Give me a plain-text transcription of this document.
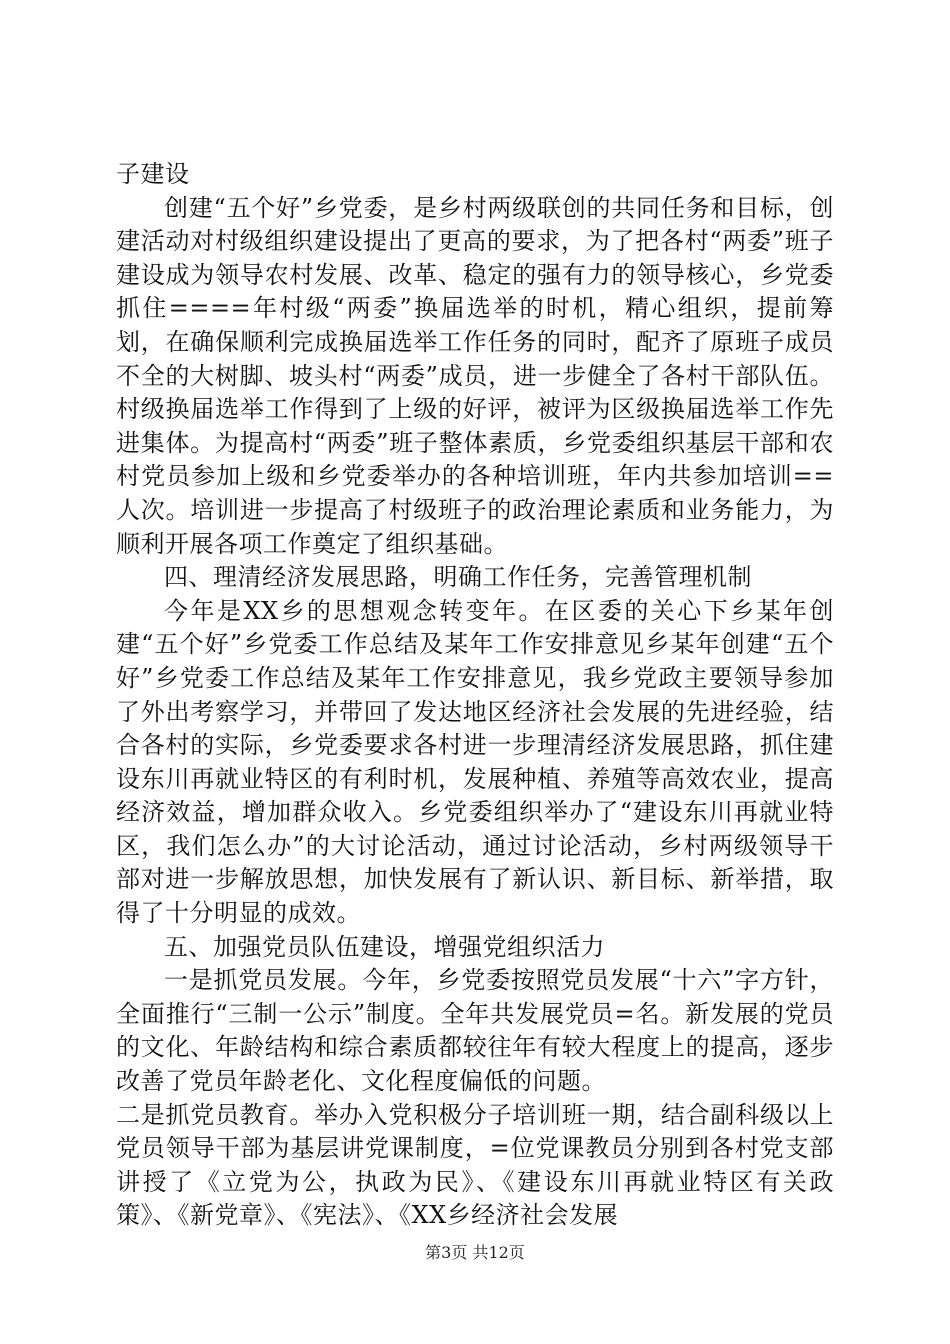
子建设

创建“五个好”乡党委，是乡村两级联创的共同任务和目标，创建活动对村级组织建设提出了更高的要求，为了把各村“两委”班子建设成为领导农村发展、改革、稳定的强有力的领导核心，乡党委抓住====年村级“两委”换届选举的时机，精心组织，提前筹划，在确保顺利完成换届选举工作任务的同时，配齐了原班子成员不全的大树脚、坡头村“两委”成员，进一步健全了各村干部队伍。村级换届选举工作得到了上级的好评，被评为区级换届选举工作先进集体。为提高村“两委”班子整体素质，乡党委组织基层干部和农村党员参加上级和乡党委举办的各种培训班，年内共参加培训==人次。培训进一步提高了村级班子的政治理论素质和业务能力，为顺利开展各项工作奠定了组织基础。

四、理清经济发展思路，明确工作任务，完善管理机制

今年是XX乡的思想观念转变年。在区委的关心下乡某年创建“五个好”乡党委工作总结及某年工作安排意见乡某年创建“五个好”乡党委工作总结及某年工作安排意见，我乡党政主要领导参加了外出考察学习，并带回了发达地区经济社会发展的先进经验，结合各村的实际，乡党委要求各村进一步理清经济发展思路，抓住建设东川再就业特区的有利时机，发展种植、养殖等高效农业，提高经济效益，增加群众收入。乡党委组织举办了“建设东川再就业特区，我们怎么办”的大讨论活动，通过讨论活动，乡村两级领导干部对进一步解放思想，加快发展有了新认识、新目标、新举措，取得了十分明显的成效。

五、加强党员队伍建设，增强党组织活力

一是抓党员发展。今年，乡党委按照党员发展“十六”字方针，全面推行“三制一公示”制度。全年共发展党员=名。新发展的党员的文化、年龄结构和综合素质都较往年有较大程度上的提高，逐步改善了党员年龄老化、文化程度偏低的问题。

二是抓党员教育。举办入党积极分子培训班一期，结合副科级以上党员领导干部为基层讲党课制度，=位党课教员分别到各村党支部讲授了《立党为公，执政为民》、《建设东川再就业特区有关政策》、《新党章》、《宪法》、《XX乡经济社会发展

第3页 共12页
